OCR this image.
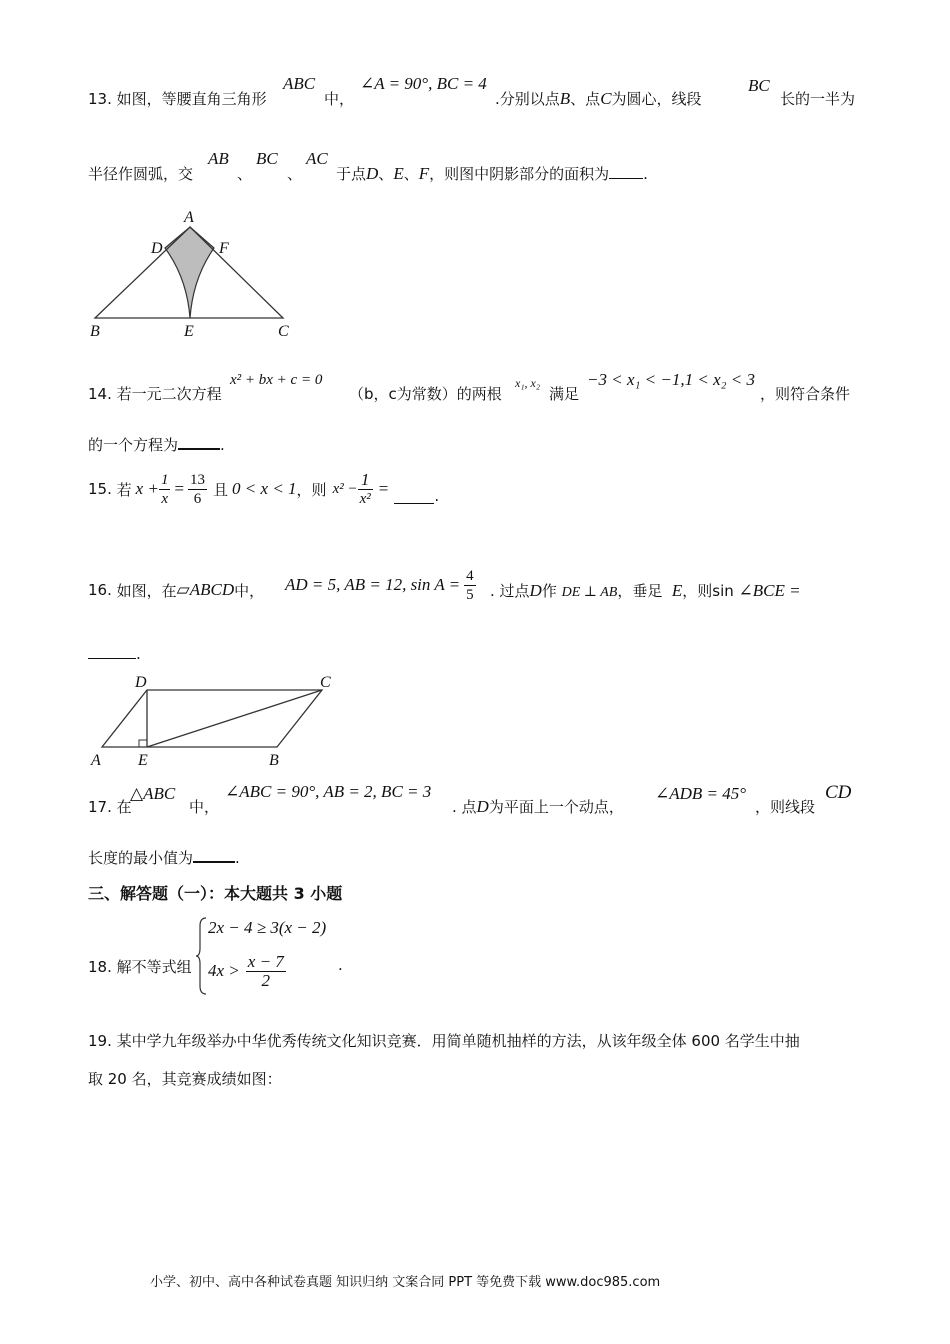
13. 如图，等腰直角三角形
ABC
中，
∠A = 90°, BC = 4
.分别以点B、点C为圆心，线段
BC
长的一半为
半径作圆弧，交
AB
、
BC
、
AC
于点D、E、F，则图中阴影部分的面积为 .
A
D	F
B	E	C
14. 若一元二次方程
x² + bx + c = 0
（b，c为常数）的两根
x₁, x₂
满足
−3 < x₁ < −1,1 < x₂ < 3
，则符合条件
的一个方程为	.
15.
若 $x + \frac{1}{x} = \frac{13}{6}$ 且 0 < x < 1 ，则 $x^2 - \frac{1}{\text{x²}}$ =	.
16.
如图，在 ▱ABCD 中， AD = 5, AB = 12, $\sin A = \frac{4}{5}$ . 过点D作 DE ⊥ AB，垂足 E，则sin ∠BCE =
.
D	C
A E	B
17. 在
△ABC
中，
∠ABC = 90°, AB = 2, BC = 3
. 点D为平面上一个动点，
∠ADB = 45°
，则线段
CD
长度的最小值为	.
三、解答题（一）：本大题共 3 小题
18. 解不等式组
2x − 4 ≥ 3(x − 2)
$4x > \frac{x - 7}{2}$	.
19. 某中学九年级举办中华优秀传统文化知识竞赛．用简单随机抽样的方法，从该年级全体 600 名学生中抽
取 20 名，其竞赛成绩如图：
小学、初中、高中各种试卷真题 知识归纳 文案合同 PPT 等免费下载 www.doc985.com
